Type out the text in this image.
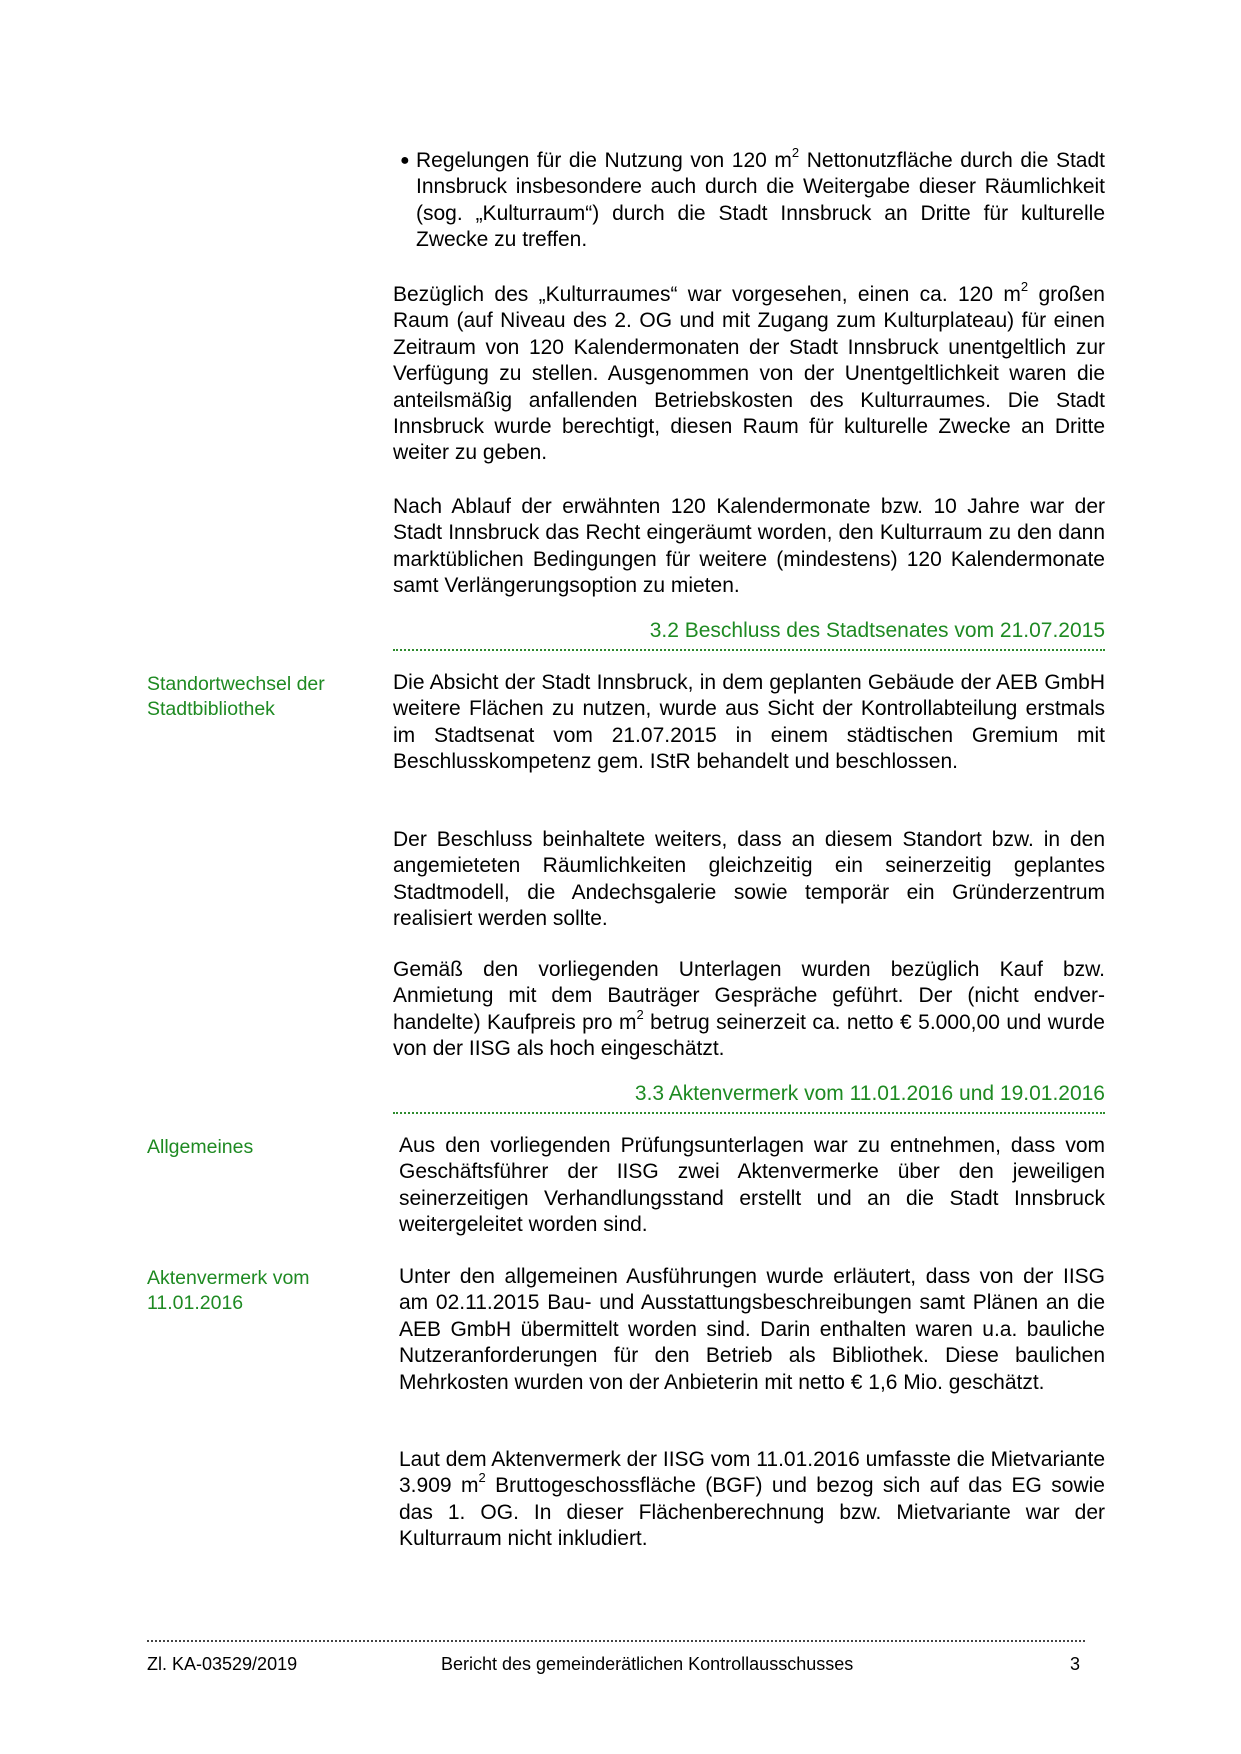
● Regelungen für die Nutzung von 120 $m^2$ Nettonutzfläche durch die Stadt Innsbruck insbesondere auch durch die Weitergabe dieser Räumlichkeit (sog. „Kulturraum“) durch die Stadt Innsbruck an Dritte für kulturelle Zwecke zu treffen.

Bezüglich des „Kulturraumes“ war vorgesehen, einen ca. 120 $m^2$ großen Raum (auf Niveau des 2. OG und mit Zugang zum Kulturplateau) für einen Zeitraum von 120 Kalendermonaten der Stadt Innsbruck unentgeltlich zur Verfügung zu stellen. Ausgenommen von der Unentgeltlichkeit waren die anteilsmäßig anfallenden Betriebskosten des Kulturraumes. Die Stadt Innsbruck wurde berechtigt, diesen Raum für kulturelle Zwecke an Dritte weiter zu geben.

Nach Ablauf der erwähnten 120 Kalendermonate bzw. 10 Jahre war der Stadt Innsbruck das Recht eingeräumt worden, den Kulturraum zu den dann marktüblichen Bedingungen für weitere (mindestens) 120 Kalendermonate samt Verlängerungsoption zu mieten.

3.2 Beschluss des Stadtsenates vom 21.07.2015
Standortwechsel der Stadtbibliothek

Die Absicht der Stadt Innsbruck, in dem geplanten Gebäude der AEB GmbH weitere Flächen zu nutzen, wurde aus Sicht der Kontrollabteilung erstmals im Stadtsenat vom 21.07.2015 in einem städtischen Gremium mit Beschlusskompetenz gem. IStR behandelt und beschlossen.

Der Beschluss beinhaltete weiters, dass an diesem Standort bzw. in den angemieteten Räumlichkeiten gleichzeitig ein seinerzeitig geplantes Stadtmodell, die Andechsgalerie sowie temporär ein Gründerzentrum realisiert werden sollte.

Gemäß den vorliegenden Unterlagen wurden bezüglich Kauf bzw. Anmietung mit dem Bauträger Gespräche geführt. Der (nicht endverhandelte) Kaufpreis pro $m^2$ betrug seinerzeit ca. netto € 5.000,00 und wurde von der IISG als hoch eingeschätzt.

3.3 Aktenvermerk vom 11.01.2016 und 19.01.2016
Allgemeines	Aus den vorliegenden Prüfungsunterlagen war zu entnehmen, dass vom Geschäftsführer der IISG zwei Aktenvermerke über den jeweiligen seinerzeitigen Verhandlungsstand erstellt und an die Stadt Innsbruck weitergeleitet worden sind.

Aktenvermerk vom 11.01.2016

Unter den allgemeinen Ausführungen wurde erläutert, dass von der IISG am 02.11.2015 Bau- und Ausstattungsbeschreibungen samt Plänen an die AEB GmbH übermittelt worden sind. Darin enthalten waren u.a. bauliche Nutzeranforderungen für den Betrieb als Bibliothek. Diese baulichen Mehrkosten wurden von der Anbieterin mit netto € 1,6 Mio. geschätzt.

Laut dem Aktenvermerk der IISG vom 11.01.2016 umfasste die Mietvariante 3.909 $m^2$ Bruttogeschossfläche (BGF) und bezog sich auf das EG sowie das 1. OG. In dieser Flächenberechnung bzw. Mietvariante war der Kulturraum nicht inkludiert.

Zl. KA-03529/2019	Bericht des gemeinderätlichen Kontrollausschusses	3
